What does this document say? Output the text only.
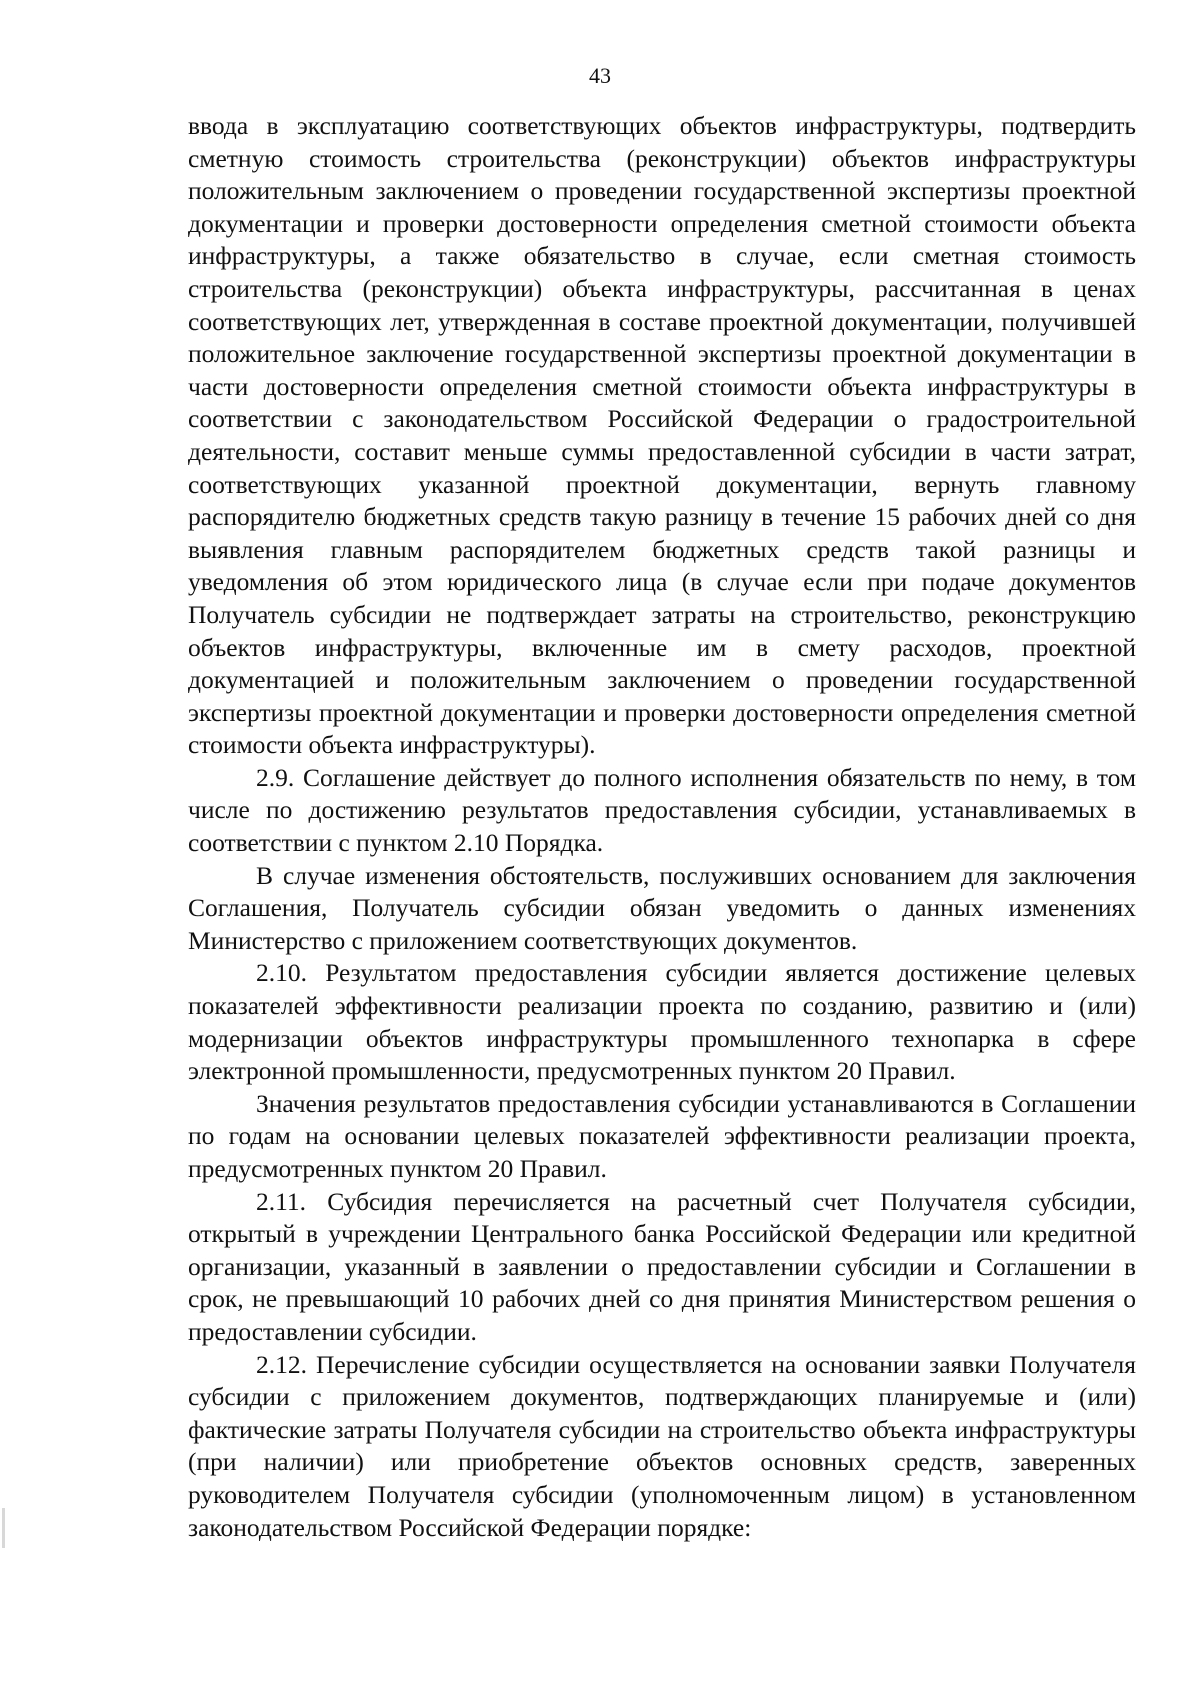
43

ввода в эксплуатацию соответствующих объектов инфраструктуры, подтвердить сметную стоимость строительства (реконструкции) объектов инфраструктуры положительным заключением о проведении государственной экспертизы проектной документации и проверки достоверности определения сметной стоимости объекта инфраструктуры, а также обязательство в случае, если сметная стоимость строительства (реконструкции) объекта инфраструктуры, рассчитанная в ценах соответствующих лет, утвержденная в составе проектной документации, получившей положительное заключение государственной экспертизы проектной документации в части достоверности определения сметной стоимости объекта инфраструктуры в соответствии с законодательством Российской Федерации о градостроительной деятельности, составит меньше суммы предоставленной субсидии в части затрат, соответствующих указанной проектной документации, вернуть главному распорядителю бюджетных средств такую разницу в течение 15 рабочих дней со дня выявления главным распорядителем бюджетных средств такой разницы и уведомления об этом юридического лица (в случае если при подаче документов Получатель субсидии не подтверждает затраты на строительство, реконструкцию объектов инфраструктуры, включенные им в смету расходов, проектной документацией и положительным заключением о проведении государственной экспертизы проектной документации и проверки достоверности определения сметной стоимости объекта инфраструктуры).

2.9. Соглашение действует до полного исполнения обязательств по нему, в том числе по достижению результатов предоставления субсидии, устанавливаемых в соответствии с пунктом 2.10 Порядка.

В случае изменения обстоятельств, послуживших основанием для заключения Соглашения, Получатель субсидии обязан уведомить о данных изменениях Министерство с приложением соответствующих документов.

2.10. Результатом предоставления субсидии является достижение целевых показателей эффективности реализации проекта по созданию, развитию и (или) модернизации объектов инфраструктуры промышленного технопарка в сфере электронной промышленности, предусмотренных пунктом 20 Правил.

Значения результатов предоставления субсидии устанавливаются в Соглашении по годам на основании целевых показателей эффективности реализации проекта, предусмотренных пунктом 20 Правил.

2.11. Субсидия перечисляется на расчетный счет Получателя субсидии, открытый в учреждении Центрального банка Российской Федерации или кредитной организации, указанный в заявлении о предоставлении субсидии и Соглашении в срок, не превышающий 10 рабочих дней со дня принятия Министерством решения о предоставлении субсидии.

2.12. Перечисление субсидии осуществляется на основании заявки Получателя субсидии с приложением документов, подтверждающих планируемые и (или) фактические затраты Получателя субсидии на строительство объекта инфраструктуры (при наличии) или приобретение объектов основных средств, заверенных руководителем Получателя субсидии (уполномоченным лицом) в установленном законодательством Российской Федерации порядке:
